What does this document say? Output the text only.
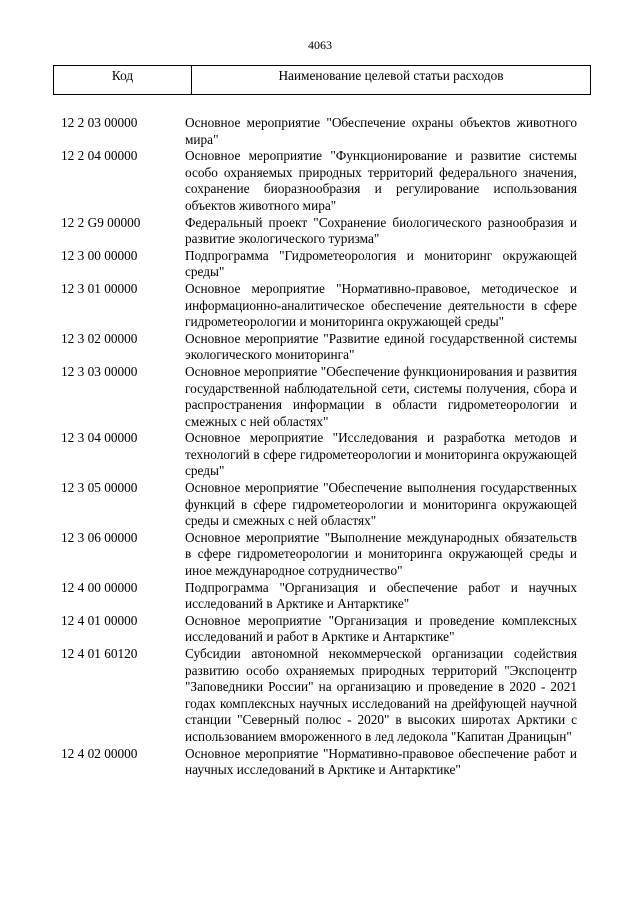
4063
Код	Наименование целевой статьи расходов
12 2 03 00000	Основное мероприятие "Обеспечение охраны объектов животного мира"
12 2 04 00000	Основное мероприятие "Функционирование и развитие системы особо охраняемых природных территорий федерального значения, сохранение биоразнообразия и регулирование использования объектов животного мира"
12 2 G9 00000	Федеральный проект "Сохранение биологического разнообразия и развитие экологического туризма"
12 3 00 00000	Подпрограмма "Гидрометеорология и мониторинг окружающей среды"
12 3 01 00000	Основное мероприятие "Нормативно-правовое, методическое и информационно-аналитическое обеспечение деятельности в сфере гидрометеорологии и мониторинга окружающей среды"
12 3 02 00000	Основное мероприятие "Развитие единой государственной системы экологического мониторинга"
12 3 03 00000	Основное мероприятие "Обеспечение функционирования и развития государственной наблюдательной сети, системы получения, сбора и распространения информации в области гидрометеорологии и смежных с ней областях"
12 3 04 00000	Основное мероприятие "Исследования и разработка методов и технологий в сфере гидрометеорологии и мониторинга окружающей среды"
12 3 05 00000	Основное мероприятие "Обеспечение выполнения государственных функций в сфере гидрометеорологии и мониторинга окружающей среды и смежных с ней областях"
12 3 06 00000	Основное мероприятие "Выполнение международных обязательств в сфере гидрометеорологии и мониторинга окружающей среды и иное международное сотрудничество"
12 4 00 00000	Подпрограмма "Организация и обеспечение работ и научных исследований в Арктике и Антарктике"
12 4 01 00000	Основное мероприятие "Организация и проведение комплексных исследований и работ в Арктике и Антарктике"
12 4 01 60120	Субсидии автономной некоммерческой организации содействия развитию особо охраняемых природных территорий "Экспоцентр "Заповедники России" на организацию и проведение в 2020 - 2021 годах комплексных научных исследований на дрейфующей научной станции "Северный полюс - 2020" в высоких широтах Арктики с использованием вмороженного в лед ледокола "Капитан Драницын"
12 4 02 00000	Основное мероприятие "Нормативно-правовое обеспечение работ и научных исследований в Арктике и Антарктике"
